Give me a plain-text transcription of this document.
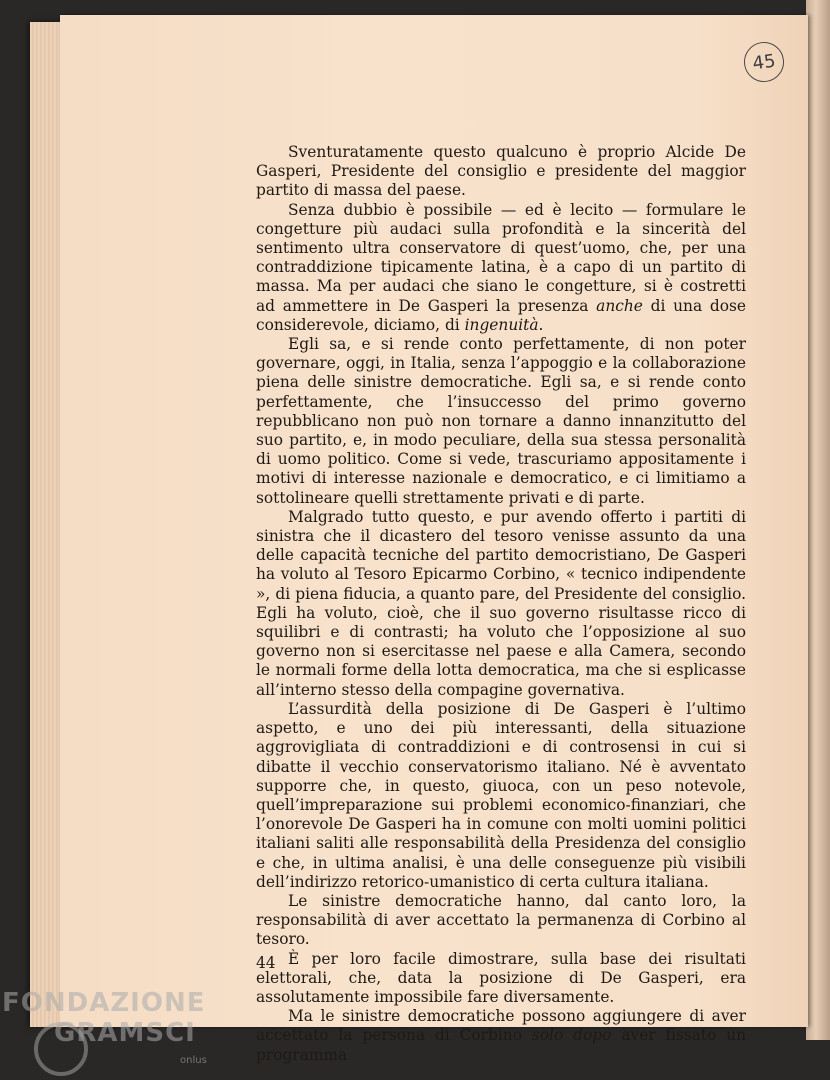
45

Sventuratamente questo qualcuno è proprio Alcide De Gasperi, Presidente del consiglio e presidente del maggior partito di massa del paese.

Senza dubbio è possibile — ed è lecito — formulare le congetture più audaci sulla profondità e la sincerità del sentimento ultra conservatore di quest’uomo, che, per una contraddizione tipicamente latina, è a capo di un partito di massa. Ma per audaci che siano le congetture, si è costretti ad ammettere in De Gasperi la presenza anche di una dose considerevole, diciamo, di ingenuità.

Egli sa, e si rende conto perfettamente, di non poter governare, oggi, in Italia, senza l’appoggio e la collaborazione piena delle sinistre democratiche. Egli sa, e si rende conto perfettamente, che l’insuccesso del primo governo repubblicano non può non tornare a danno innanzitutto del suo partito, e, in modo peculiare, della sua stessa personalità di uomo politico. Come si vede, trascuriamo appositamente i motivi di interesse nazionale e democratico, e ci limitiamo a sottolineare quelli strettamente privati e di parte.

Malgrado tutto questo, e pur avendo offerto i partiti di sinistra che il dicastero del tesoro venisse assunto da una delle capacità tecniche del partito democristiano, De Gasperi ha voluto al Tesoro Epicarmo Corbino, « tecnico indipendente », di piena fiducia, a quanto pare, del Presidente del consiglio. Egli ha voluto, cioè, che il suo governo risultasse ricco di squilibri e di contrasti; ha voluto che l’opposizione al suo governo non si esercitasse nel paese e alla Camera, secondo le normali forme della lotta democratica, ma che si esplicasse all’interno stesso della compagine governativa.

L’assurdità della posizione di De Gasperi è l’ultimo aspetto, e uno dei più interessanti, della situazione aggrovigliata di contraddizioni e di controsensi in cui si dibatte il vecchio conservatorismo italiano. Né è avventato supporre che, in questo, giuoca, con un peso notevole, quell’impreparazione sui problemi economico-finanziari, che l’onorevole De Gasperi ha in comune con molti uomini politici italiani saliti alle responsabilità della Presidenza del consiglio e che, in ultima analisi, è una delle conseguenze più visibili dell’indirizzo retorico-umanistico di certa cultura italiana.

Le sinistre democratiche hanno, dal canto loro, la responsabilità di aver accettato la permanenza di Corbino al tesoro.

È per loro facile dimostrare, sulla base dei risultati elettorali, che, data la posizione di De Gasperi, era assolutamente impossibile fare diversamente.

Ma le sinistre democratiche possono aggiungere di aver accettato la persona di Corbino solo dopo aver fissato un programma

44
FONDAZIONE
GRAMSCI
onlus
